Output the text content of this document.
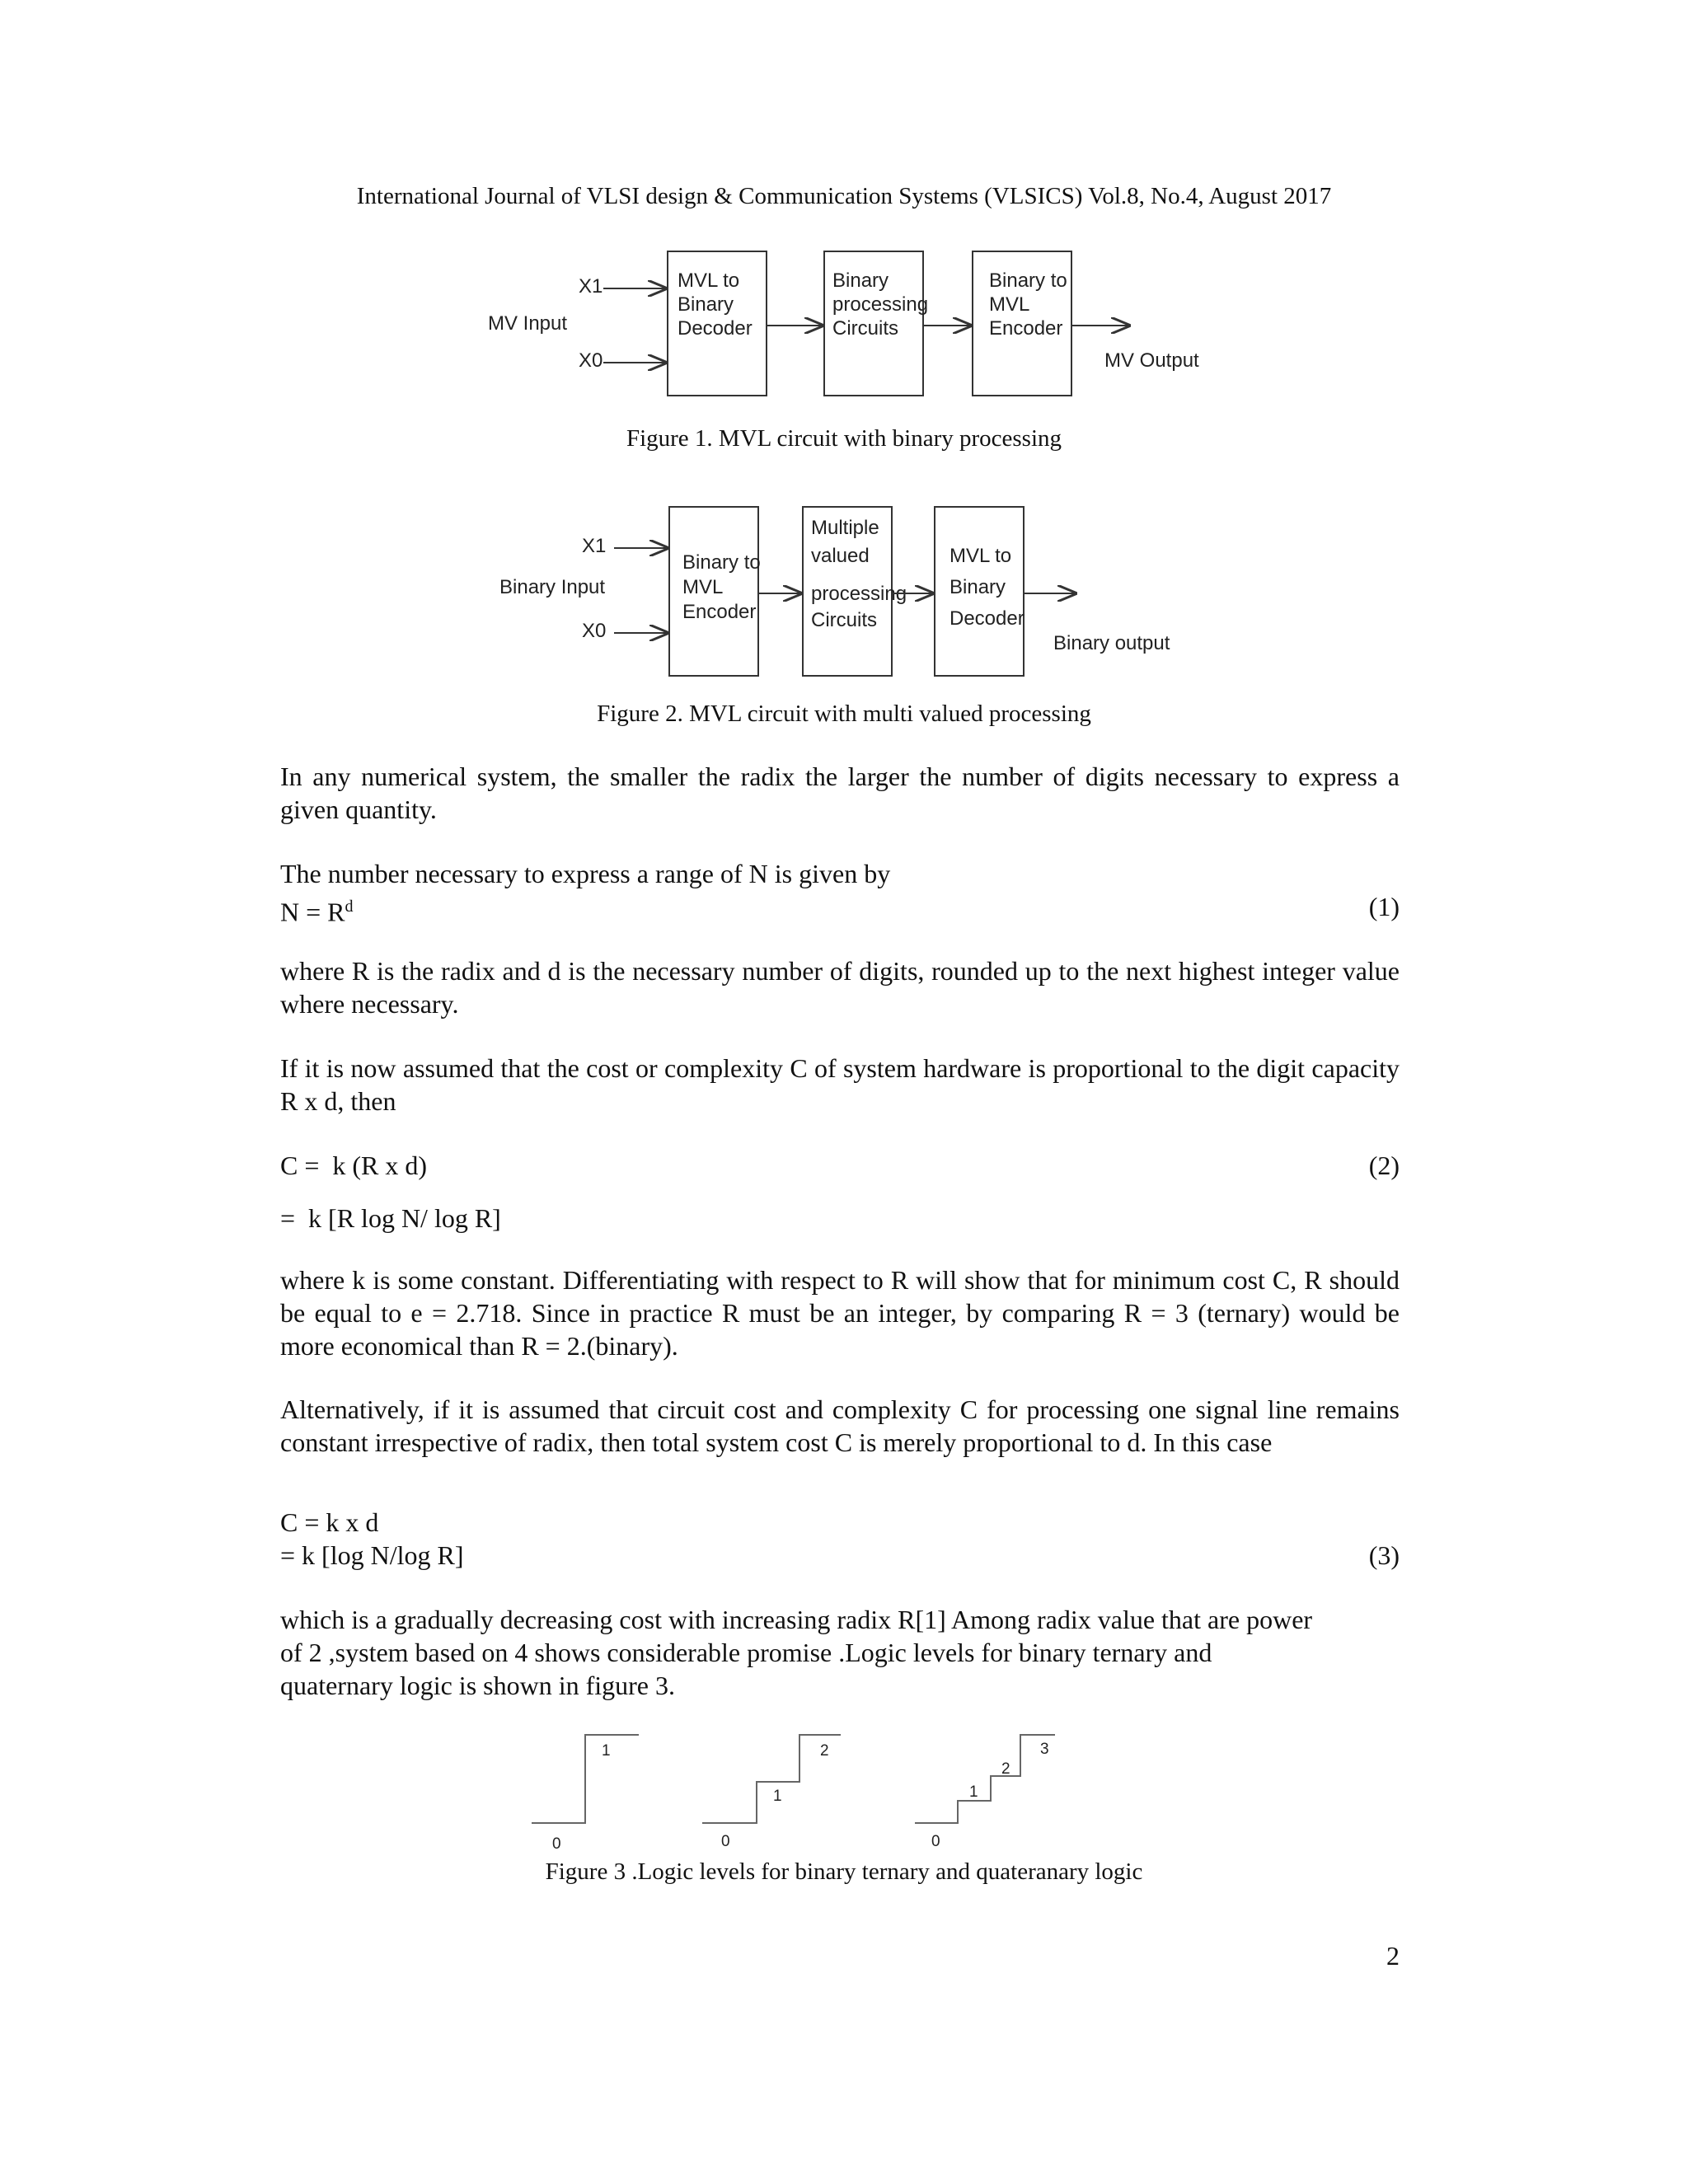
International Journal of VLSI design & Communication Systems (VLSICS) Vol.8, No.4, August 2017
MV Input
X1
X0
MVL to Binary Decoder
Binary processing Circuits
Binary to MVL Encoder
MV Output
Figure 1. MVL circuit with binary processing
Binary Input
X1
X0
Binary to MVL Encoder
Multiple valued processing Circuits
MVL to Binary Decoder
Binary output
Figure 2. MVL circuit with multi valued processing
In any numerical system, the smaller the radix the larger the number of digits necessary to express a given quantity.
The number necessary to express a range of N is given by
$N = R^d$	(1)
where R is the radix and d is the necessary number of digits, rounded up to the next highest integer value where necessary.
If it is now assumed that the cost or complexity C of system hardware is proportional to the digit capacity R x d, then
C =  k (R x d)	(2)
=  k [R log N/ log R]
where k is some constant. Differentiating with respect to R will show that for minimum cost C, R should be equal to e = 2.718. Since in practice R must be an integer, by comparing R = 3 (ternary) would be more economical than R = 2.(binary).
Alternatively, if it is assumed that circuit cost and complexity C for processing one signal line remains constant irrespective of radix, then total system cost C is merely proportional to d. In this case
C = k x d
= k [log N/log R]	(3)
which is a gradually decreasing cost with increasing radix R[1] Among radix value that are power
of 2 ,system based on 4 shows considerable promise .Logic levels for binary ternary and
quaternary logic is shown in figure 3.
0
1
0
1
2
0
1
2
3
Figure 3 .Logic levels for binary ternary and quateranary logic
2
